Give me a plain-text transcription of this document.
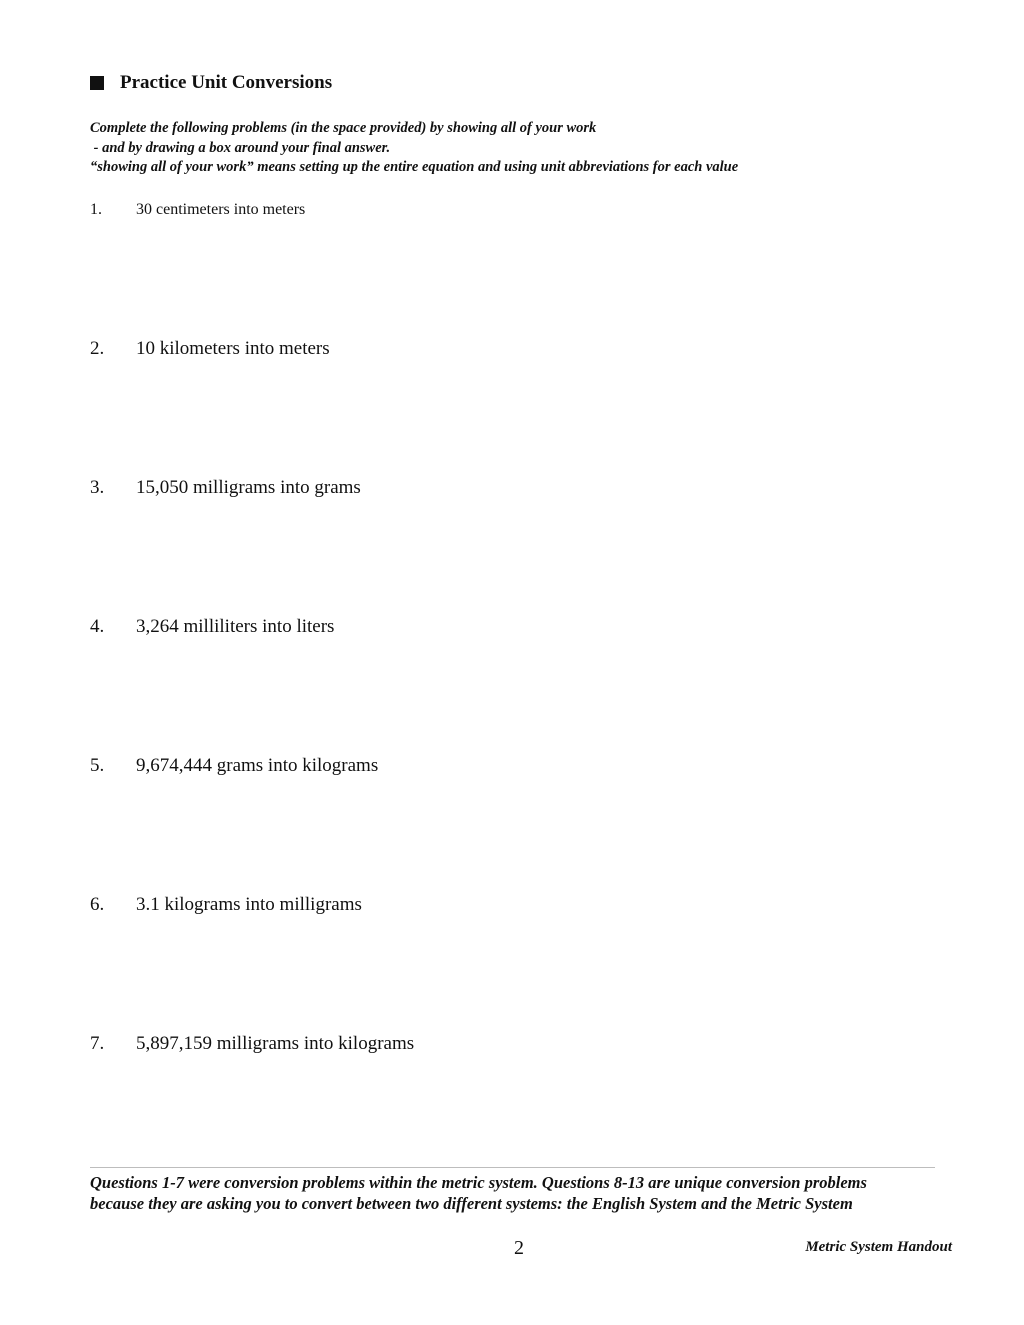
Practice Unit Conversions
Complete the following problems (in the space provided) by showing all of your work
- and by drawing a box around your final answer.
“showing all of your work” means setting up the entire equation and using unit abbreviations for each value
1.	30 centimeters into meters
2.	10 kilometers into meters
3.	15,050 milligrams into grams
4.	3,264 milliliters into liters
5.	9,674,444 grams into kilograms
6.	3.1 kilograms into milligrams
7.	5,897,159 milligrams into kilograms
Questions 1-7 were conversion problems within the metric system. Questions 8-13 are unique conversion problems because they are asking you to convert between two different systems: the English System and the Metric System
2	Metric System Handout
